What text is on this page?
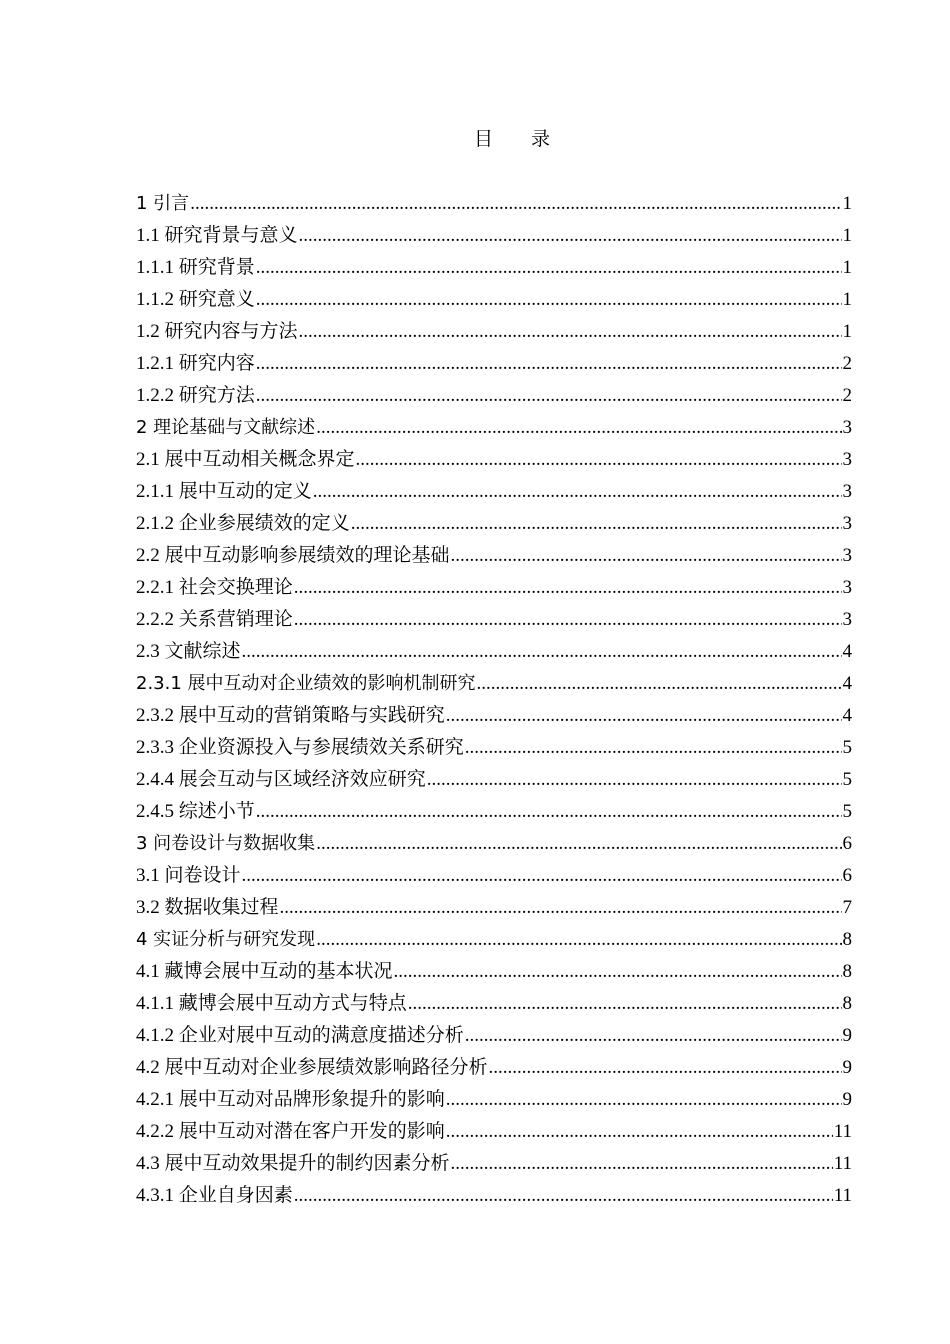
目 录
1 引言 .....	1
1.1 研究背景与意义 .....	1
1.1.1 研究背景 .....	1
1.1.2 研究意义 .....	1
1.2 研究内容与方法 .....	1
1.2.1 研究内容 .....	2
1.2.2 研究方法 .....	2
2 理论基础与文献综述 .....	3
2.1 展中互动相关概念界定 .....	3
2.1.1 展中互动的定义 .....	3
2.1.2 企业参展绩效的定义 .....	3
2.2 展中互动影响参展绩效的理论基础 .....	3
2.2.1 社会交换理论 .....	3
2.2.2 关系营销理论 .....	3
2.3 文献综述 .....	4
2.3.1 展中互动对企业绩效的影响机制研究 .....	4
2.3.2 展中互动的营销策略与实践研究 .....	4
2.3.3 企业资源投入与参展绩效关系研究 .....	5
2.4.4 展会互动与区域经济效应研究 .....	5
2.4.5 综述小节 .....	5
3 问卷设计与数据收集 .....	6
3.1 问卷设计 .....	6
3.2 数据收集过程 .....	7
4 实证分析与研究发现 .....	8
4.1 藏博会展中互动的基本状况 .....	8
4.1.1 藏博会展中互动方式与特点 .....	8
4.1.2 企业对展中互动的满意度描述分析 .....	9
4.2 展中互动对企业参展绩效影响路径分析 .....	9
4.2.1 展中互动对品牌形象提升的影响 .....	9
4.2.2 展中互动对潜在客户开发的影响 .....	11
4.3 展中互动效果提升的制约因素分析 .....	11
4.3.1 企业自身因素 .....	11
